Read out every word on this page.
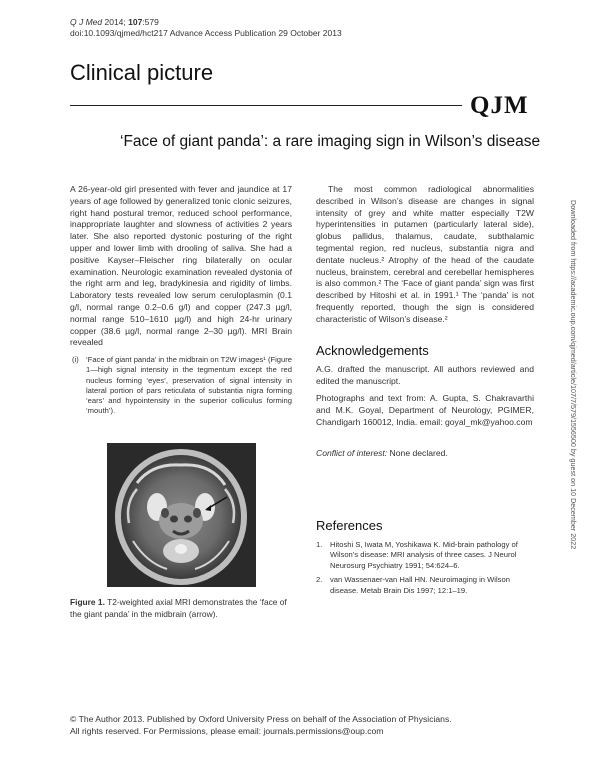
Q J Med 2014; 107:579
doi:10.1093/qjmed/hct217 Advance Access Publication 29 October 2013
Clinical picture
QJM
‘Face of giant panda’: a rare imaging sign in Wilson’s disease

A 26-year-old girl presented with fever and jaundice at 17 years of age followed by generalized tonic clonic seizures, right hand postural tremor, reduced school performance, inappropriate laughter and slowness of activities 2 years later. She also reported dystonic posturing of the right upper and lower limb with drooling of saliva. She had a positive Kayser–Fleischer ring bilaterally on ocular examination. Neurologic examination revealed dystonia of the right arm and leg, bradykinesia and rigidity of limbs. Laboratory tests revealed low serum ceruloplasmin (0.1 g/l, normal range 0.2–0.6 g/l) and copper (247.3 µg/l, normal range 510–1610 µg/l) and high 24-hr urinary copper (38.6 µg/l, normal range 2–30 µg/l). MRI Brain revealed

(i) ‘Face of giant panda’ in the midbrain on T2W images¹ (Figure 1—high signal intensity in the tegmentum except the red nucleus forming ‘eyes’, preservation of signal intensity in lateral portion of pars reticulata of substantia nigra forming ‘ears’ and hypointensity in the superior colliculus forming ‘mouth’).
Figure 1. T2-weighted axial MRI demonstrates the ‘face of the giant panda’ in the midbrain (arrow).

The most common radiological abnormalities described in Wilson’s disease are changes in signal intensity of grey and white matter especially T2W hyperintensities in putamen (particularly lateral side), globus pallidus, thalamus, caudate, subthalamic tegmental region, red nucleus, substantia nigra and dentate nucleus.² Atrophy of the head of the caudate nucleus, brainstem, cerebral and cerebellar hemispheres is also common.² The ‘Face of giant panda’ sign was first described by Hitoshi et al. in 1991.¹ The ‘panda’ is not frequently reported, though the sign is considered characteristic of Wilson’s disease.²

Acknowledgements

A.G. drafted the manuscript. All authors reviewed and edited the manuscript.

Photographs and text from: A. Gupta, S. Chakravarthi and M.K. Goyal, Department of Neurology, PGIMER, Chandigarh 160012, India. email: goyal_mk@yahoo.com

Conflict of interest: None declared.
References
1.	Hitoshi S, Iwata M, Yoshikawa K. Mid-brain pathology of Wilson’s disease: MRI analysis of three cases. J Neurol Neurosurg Psychiatry 1991; 54:624–6.
2.	van Wassenaer-van Hall HN. Neuroimaging in Wilson disease. Metab Brain Dis 1997; 12:1–19.
Downloaded from https://academic.oup.com/qjmed/article/107/7/579/1556500 by guest on 10 December 2022
© The Author 2013. Published by Oxford University Press on behalf of the Association of Physicians.
All rights reserved. For Permissions, please email: journals.permissions@oup.com
